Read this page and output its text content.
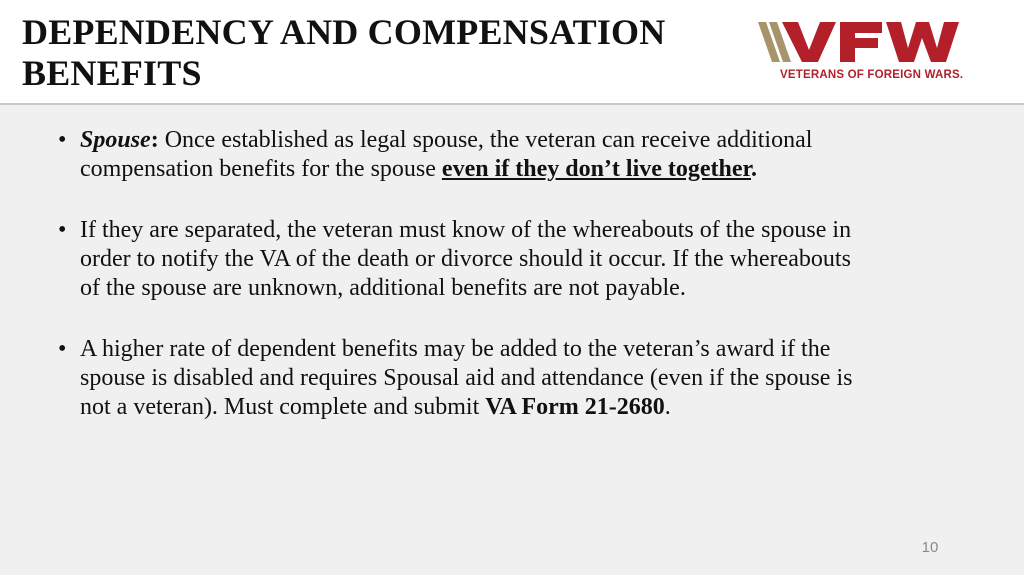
DEPENDENCY AND COMPENSATION BENEFITS	VETERANS OF FOREIGN WARS.

• Spouse: Once established as legal spouse, the veteran can receive additional compensation benefits for the spouse even if they don’t live together.

• If they are separated, the veteran must know of the whereabouts of the spouse in order to notify the VA of the death or divorce should it occur. If the whereabouts of the spouse are unknown, additional benefits are not payable.

• A higher rate of dependent benefits may be added to the veteran’s award if the spouse is disabled and requires Spousal aid and attendance (even if the spouse is not a veteran). Must complete and submit VA Form 21-2680.

10
